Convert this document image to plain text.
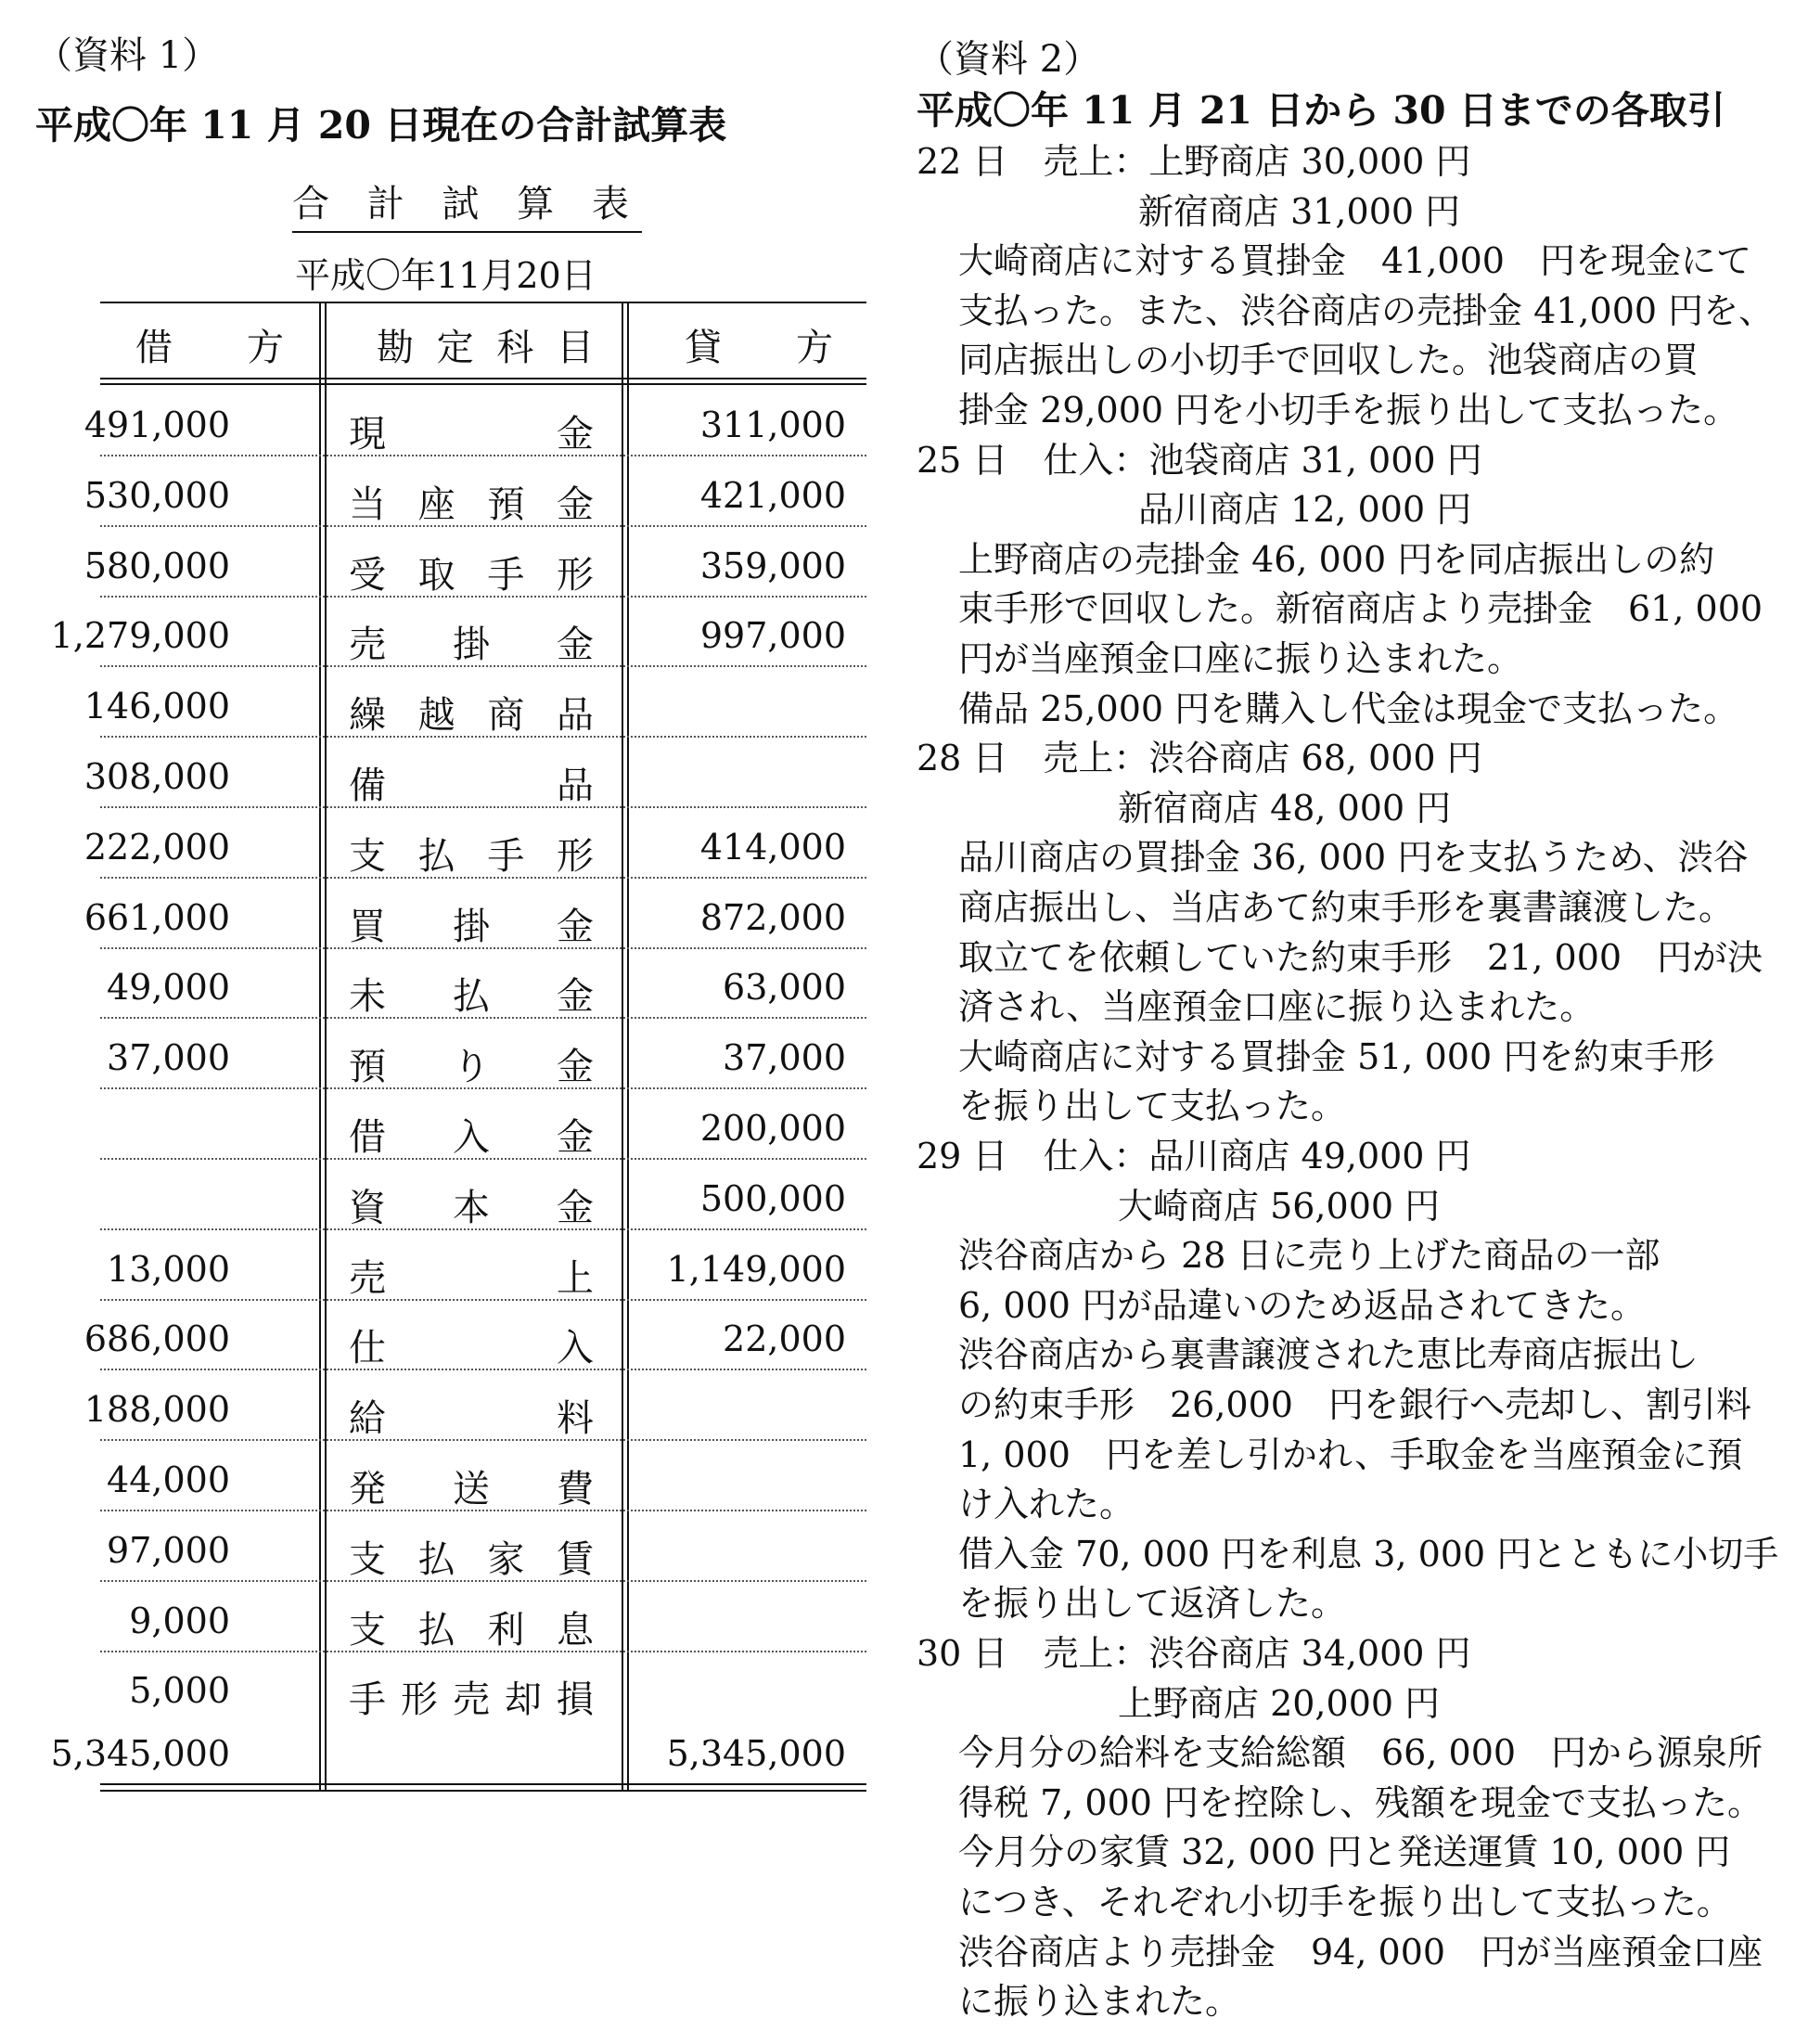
（資料 1）
平成〇年 11 月 20 日現在の合計試算表
合 計 試 算 表
平成〇年11月20日
借　　方	勘 定 科 目 貸　　方
491,000	現	金	311,000
530,000	当 座 預 金	421,000
580,000	受 取 手 形	359,000
1,279,000	売 掛 金	997,000
146,000	繰 越 商 品
308,000	備	品
222,000	支 払 手 形	414,000
661,000	買 掛 金	872,000
49,000	未 払 金	63,000
37,000	預 り 金	37,000
借 入 金	200,000
資 本 金	500,000
13,000	売	上 1,149,000
686,000	仕	入	22,000
188,000	給	料
44,000	発 送 費
97,000	支 払 家 賃
9,000	支 払 利 息
5,000	手 形 売 却 損
5,345,000	5,345,000
（資料 2）
平成〇年 11 月 21 日から 30 日までの各取引
22 日　売上：上野商店 30,000 円
新宿商店 31,000 円
大崎商店に対する買掛金　41,000　円を現金にて
支払った。また、渋谷商店の売掛金 41,000 円を、
同店振出しの小切手で回収した。池袋商店の買
掛金 29,000 円を小切手を振り出して支払った。
25 日　仕入：池袋商店 31, 000 円
品川商店 12, 000 円
上野商店の売掛金 46, 000 円を同店振出しの約
束手形で回収した。新宿商店より売掛金　61, 000
円が当座預金口座に振り込まれた。
備品 25,000 円を購入し代金は現金で支払った。
28 日　売上：渋谷商店 68, 000 円
新宿商店 48, 000 円
品川商店の買掛金 36, 000 円を支払うため、渋谷
商店振出し、当店あて約束手形を裏書譲渡した。
取立てを依頼していた約束手形　21, 000　円が決
済され、当座預金口座に振り込まれた。
大崎商店に対する買掛金 51, 000 円を約束手形
を振り出して支払った。
29 日　仕入：品川商店 49,000 円
大崎商店 56,000 円
渋谷商店から 28 日に売り上げた商品の一部
6, 000 円が品違いのため返品されてきた。
渋谷商店から裏書譲渡された恵比寿商店振出し
の約束手形　26,000　円を銀行へ売却し、割引料
1, 000　円を差し引かれ、手取金を当座預金に預
け入れた。
借入金 70, 000 円を利息 3, 000 円とともに小切手
を振り出して返済した。
30 日　売上：渋谷商店 34,000 円
上野商店 20,000 円
今月分の給料を支給総額　66, 000　円から源泉所
得税 7, 000 円を控除し、残額を現金で支払った。
今月分の家賃 32, 000 円と発送運賃 10, 000 円
につき、それぞれ小切手を振り出して支払った。
渋谷商店より売掛金　94, 000　円が当座預金口座
に振り込まれた。
